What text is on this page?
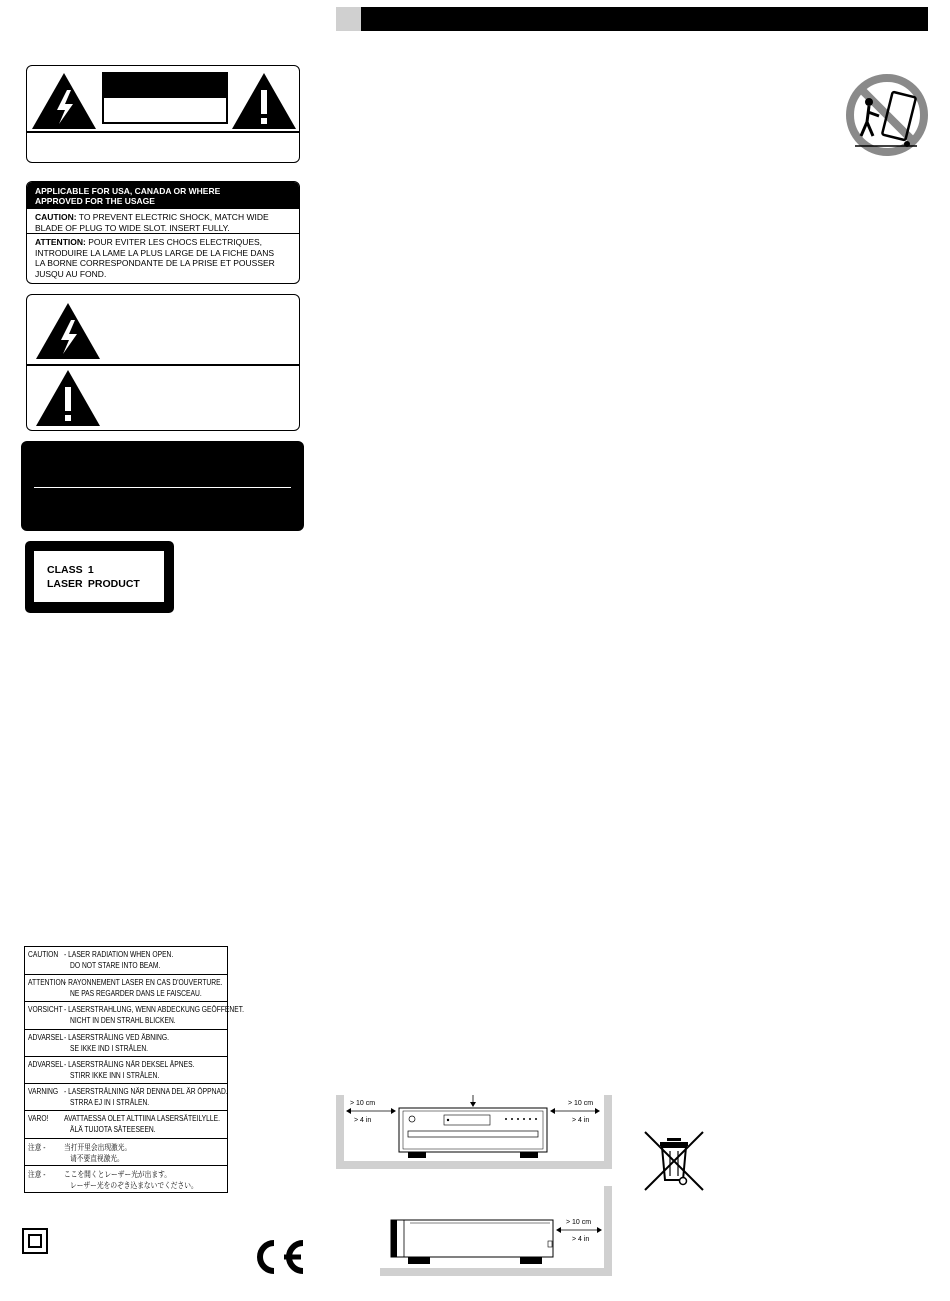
APPLICABLE FOR USA, CANADA OR WHERE APPROVED FOR THE USAGE
CAUTION: TO PREVENT ELECTRIC SHOCK, MATCH WIDE BLADE OF PLUG TO WIDE SLOT. INSERT FULLY.
ATTENTION: POUR EVITER LES CHOCS ELECTRIQUES, INTRODUIRE LA LAME LA PLUS LARGE DE LA FICHE DANS LA BORNE CORRESPONDANTE DE LA PRISE ET POUSSER JUSQU AU FOND.
CLASS 1
LASER PRODUCT
CAUTION - LASER RADIATION WHEN OPEN.
DO NOT STARE INTO BEAM.
ATTENTION
- RAYONNEMENT LASER EN CAS D'OUVERTURE.
NE PAS REGARDER DANS LE FAISCEAU.
VORSICHT - LASERSTRAHLUNG, WENN ABDECKUNG GEÖFFENET.
NICHT IN DEN STRAHL BLICKEN.
ADVARSEL - LASERSTRÅLING VED ÅBNING.
SE IKKE IND I STRÅLEN.
ADVARSEL - LASERSTRÅLING NÅR DEKSEL ÅPNES.
STIRR IKKE INN I STRÅLEN.
VARNING - LASERSTRÅLNING NÄR DENNA DEL ÄR ÖPPNAD.
STRRA EJ IN I STRÅLEN.
VARO! AVATTAESSA OLET ALTTIINA LASERSÄTEILYLLE.
ÄLÄ TUIJOTA SÄTEESEEN.
注意 - 当打开里会出现激光。
请不要直视激光。
注意 - ここを開くとレーザー光が出ます。
レーザー光をのぞき込まないでください。
> 10 cm
> 4 in
> 10 cm
> 4 in
> 10 cm
> 4 in
